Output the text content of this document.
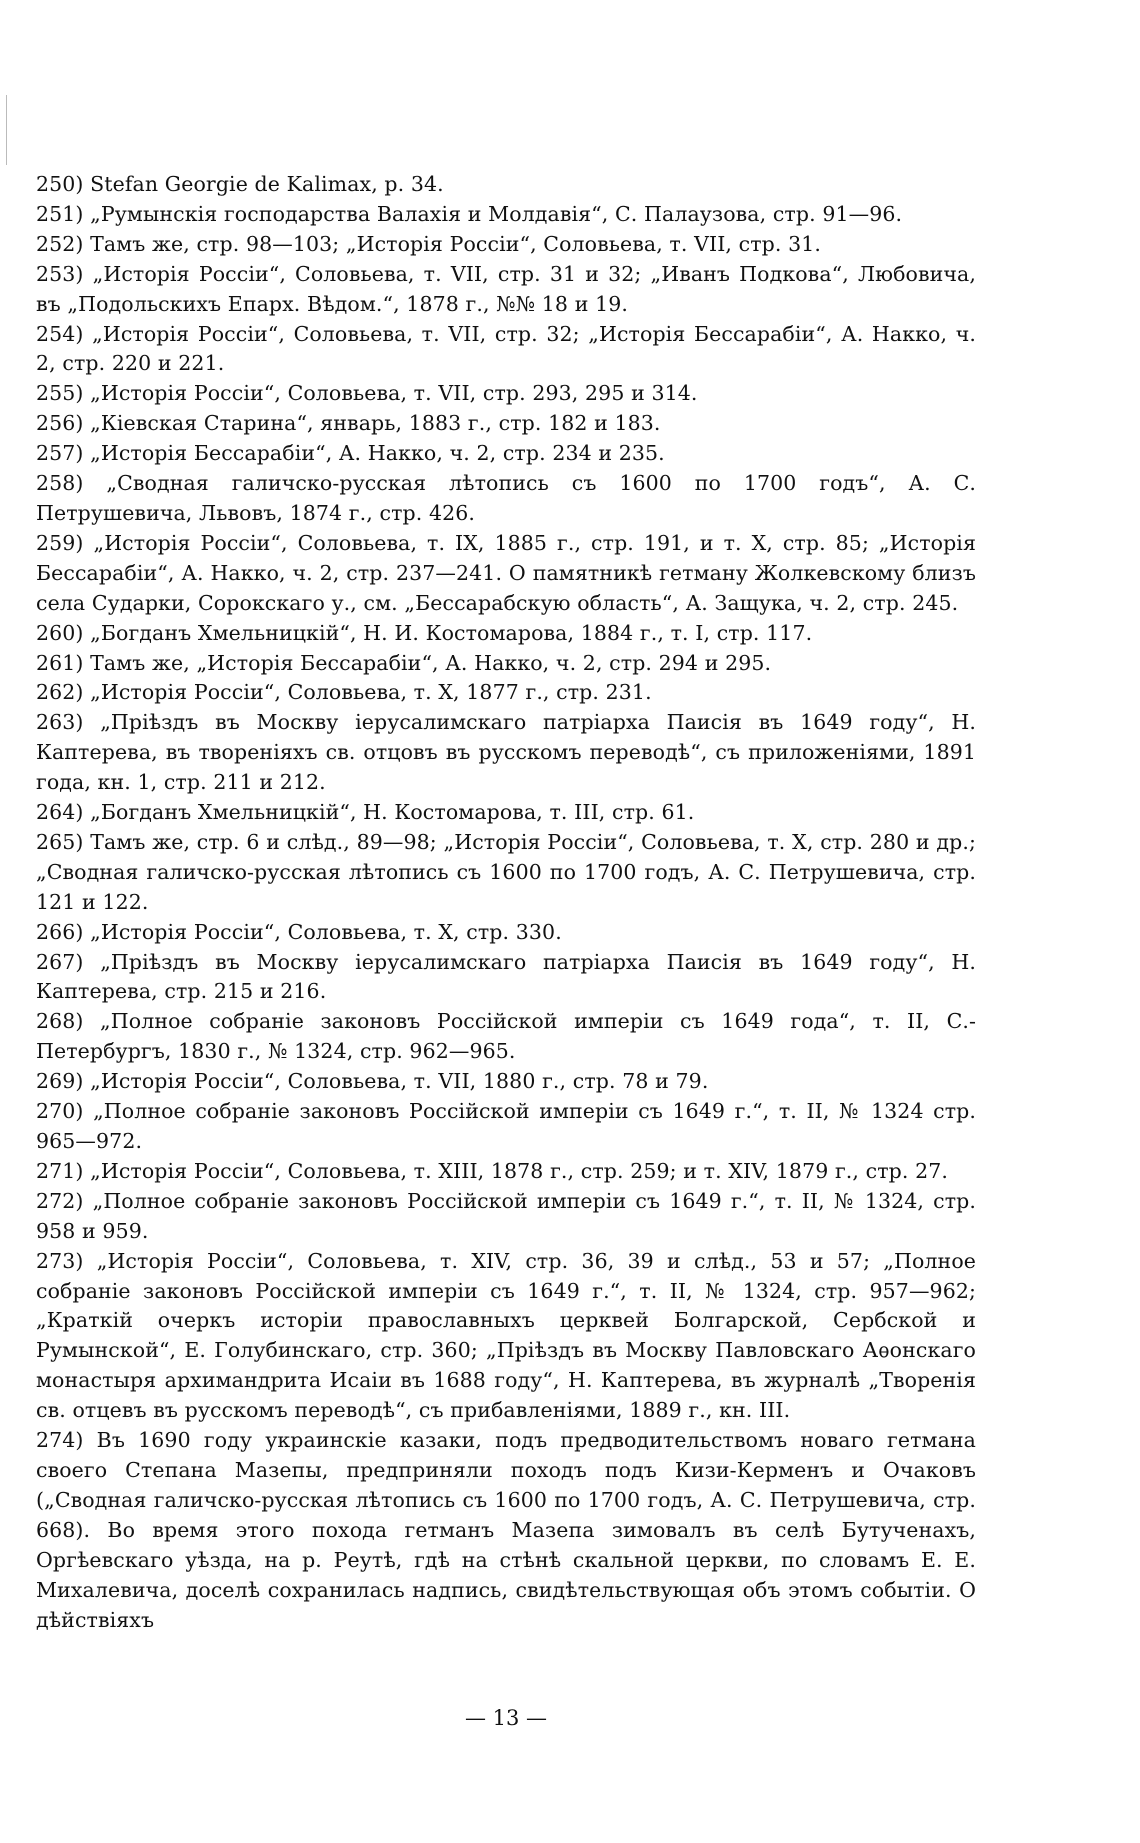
250) Stefan Georgie de Kalimax, p. 34.

251) „Румынскія господарства Валахія и Молдавія“, С. Палаузова, стр. 91—96.

252) Тамъ же, стр. 98—103; „Исторія Россіи“, Соловьева, т. VII, стр. 31.

253) „Исторія Россіи“, Соловьева, т. VII, стр. 31 и 32; „Иванъ Подкова“, Любовича, въ „Подольскихъ Епарх. Вѣдом.“, 1878 г., №№ 18 и 19.

254) „Исторія Россіи“, Соловьева, т. VII, стр. 32; „Исторія Бессарабіи“, А. Накко, ч. 2, стр. 220 и 221.

255) „Исторія Россіи“, Соловьева, т. VII, стр. 293, 295 и 314.

256) „Кіевская Старина“, январь, 1883 г., стр. 182 и 183.

257) „Исторія Бессарабіи“, А. Накко, ч. 2, стр. 234 и 235.

258) „Сводная галичско-русская лѣтопись съ 1600 по 1700 годъ“, А. С. Петрушевича, Львовъ, 1874 г., стр. 426.

259) „Исторія Россіи“, Соловьева, т. IX, 1885 г., стр. 191, и т. X, стр. 85; „Исторія Бессарабіи“, А. Накко, ч. 2, стр. 237—241. О памятникѣ гетману Жолкевскому близъ села Сударки, Сорокскаго у., см. „Бессарабскую область“, А. Защука, ч. 2, стр. 245.

260) „Богданъ Хмельницкій“, Н. И. Костомарова, 1884 г., т. I, стр. 117.

261) Тамъ же, „Исторія Бессарабіи“, А. Накко, ч. 2, стр. 294 и 295.

262) „Исторія Россіи“, Соловьева, т. X, 1877 г., стр. 231.

263) „Пріѣздъ въ Москву іерусалимскаго патріарха Паисія въ 1649 году“, Н. Каптерева, въ твореніяхъ св. отцовъ въ русскомъ переводѣ“, съ приложеніями, 1891 года, кн. 1, стр. 211 и 212.

264) „Богданъ Хмельницкій“, Н. Костомарова, т. III, стр. 61.

265) Тамъ же, стр. 6 и слѣд., 89—98; „Исторія Россіи“, Соловьева, т. X, стр. 280 и др.; „Сводная галичско-русская лѣтопись съ 1600 по 1700 годъ, А. С. Петрушевича, стр. 121 и 122.

266) „Исторія Россіи“, Соловьева, т. X, стр. 330.

267) „Пріѣздъ въ Москву іерусалимскаго патріарха Паисія въ 1649 году“, Н. Каптерева, стр. 215 и 216.

268) „Полное собраніе законовъ Россійской имперіи съ 1649 года“, т. II, С.-Петербургъ, 1830 г., № 1324, стр. 962—965.

269) „Исторія Россіи“, Соловьева, т. VII, 1880 г., стр. 78 и 79.

270) „Полное собраніе законовъ Россійской имперіи съ 1649 г.“, т. II, № 1324 стр. 965—972.

271) „Исторія Россіи“, Соловьева, т. XIII, 1878 г., стр. 259; и т. XIV, 1879 г., стр. 27.

272) „Полное собраніе законовъ Россійской имперіи съ 1649 г.“, т. II, № 1324, стр. 958 и 959.

273) „Исторія Россіи“, Соловьева, т. XIV, стр. 36, 39 и слѣд., 53 и 57; „Полное собраніе законовъ Россійской имперіи съ 1649 г.“, т. II, № 1324, стр. 957—962; „Краткій очеркъ исторіи православныхъ церквей Болгарской, Сербской и Румынской“, Е. Голубинскаго, стр. 360; „Пріѣздъ въ Москву Павловскаго Аѳонскаго монастыря архимандрита Исаіи въ 1688 году“, Н. Каптерева, въ журналѣ „Творенія св. отцевъ въ русскомъ переводѣ“, съ прибавленіями, 1889 г., кн. III.

274) Въ 1690 году украинскіе казаки, подъ предводительствомъ новаго гетмана своего Степана Мазепы, предприняли походъ подъ Кизи-Керменъ и Очаковъ („Сводная галичско-русская лѣтопись съ 1600 по 1700 годъ, А. С. Петрушевича, стр. 668). Во время этого похода гетманъ Мазепа зимовалъ въ селѣ Бутученахъ, Оргѣевскаго уѣзда, на р. Реутѣ, гдѣ на стѣнѣ скальной церкви, по словамъ Е. Е. Михалевича, доселѣ сохранилась надпись, свидѣтельствующая объ этомъ событіи. О дѣйствіяхъ

— 13 —
